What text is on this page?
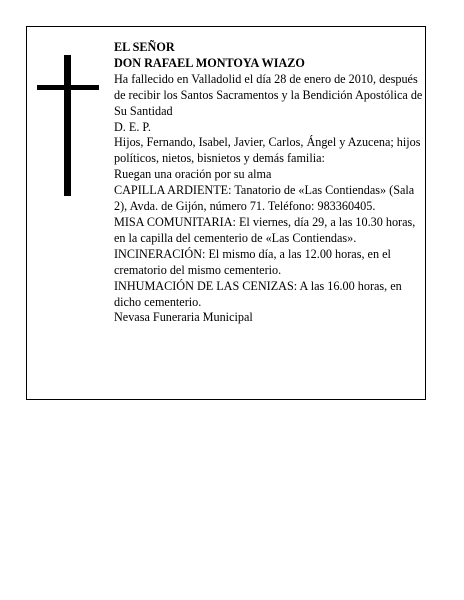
EL SEÑOR

DON RAFAEL MONTOYA WIAZO

Ha fallecido en Valladolid el día 28 de enero de 2010, después de recibir los Santos Sacramentos y la Bendición Apostólica de Su Santidad

D. E. P.

Hijos, Fernando, Isabel, Javier, Carlos, Ángel y Azucena; hijos políticos, nietos, bisnietos y demás familia:

Ruegan una oración por su alma

CAPILLA ARDIENTE: Tanatorio de «Las Contiendas» (Sala 2), Avda. de Gijón, número 71. Teléfono: 983360405.

MISA COMUNITARIA: El viernes, día 29, a las 10.30 horas, en la capilla del cementerio de «Las Contiendas».

INCINERACIÓN: El mismo día, a las 12.00 horas, en el crematorio del mismo cementerio.

INHUMACIÓN DE LAS CENIZAS: A las 16.00 horas, en dicho cementerio.

Nevasa Funeraria Municipal
